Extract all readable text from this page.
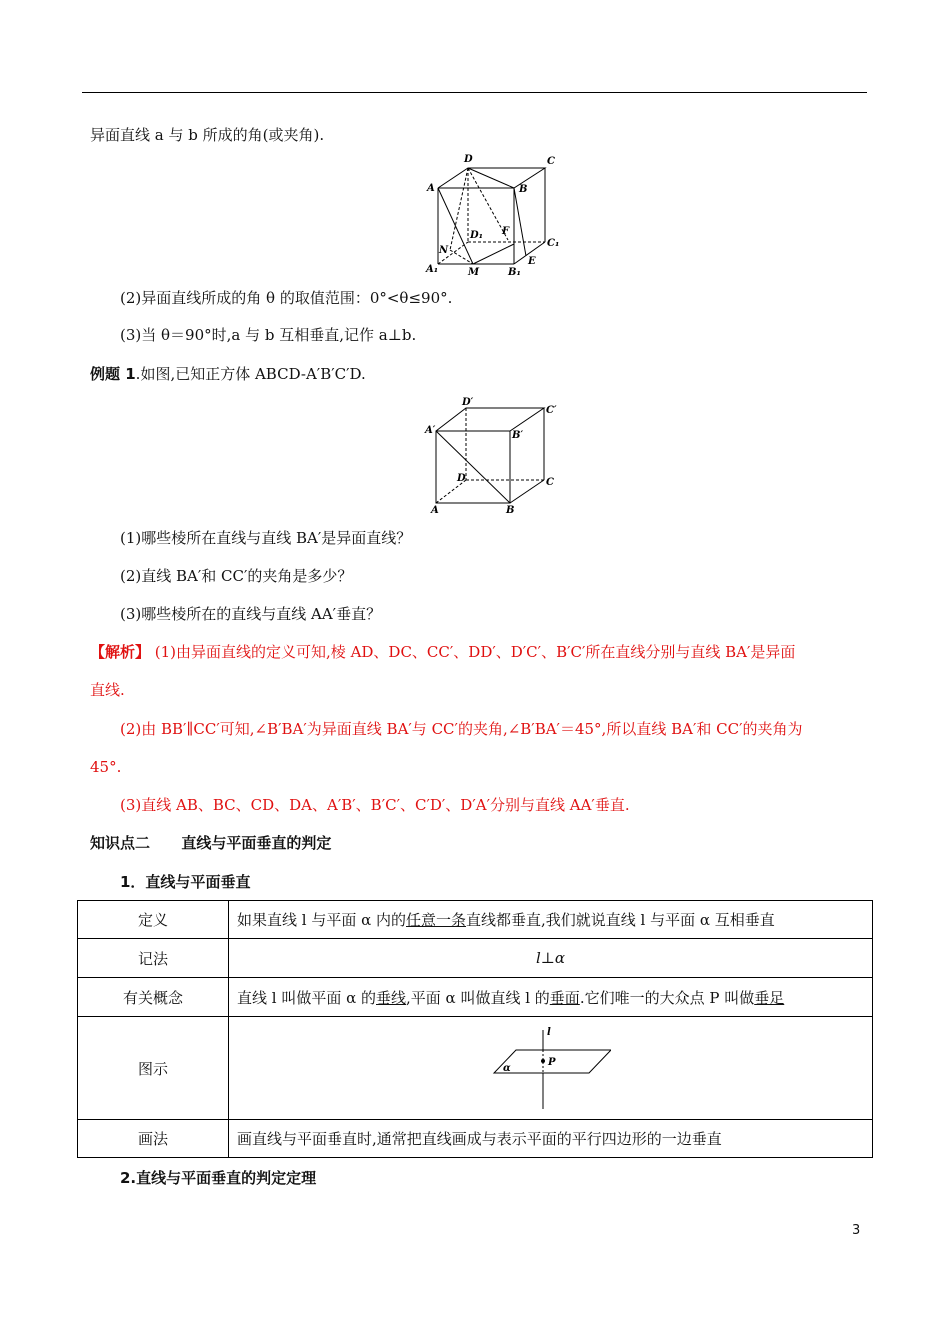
异面直线 a 与 b 所成的角(或夹角).
D	C
A	B
D₁ F
C₁
N
A₁	M	B₁
E
(2)异面直线所成的角 θ 的取值范围：0°<θ≤90°.
(3)当 θ＝90°时,a 与 b 互相垂直,记作 a⊥b.
例题 1.如图,已知正方体 ABCD-A′B′C′D.
D′
C′
A′	B′
D	C
A	B
(1)哪些棱所在直线与直线 BA′是异面直线？
(2)直线 BA′和 CC′的夹角是多少？
(3)哪些棱所在的直线与直线 AA′垂直？
【解析】 (1)由异面直线的定义可知,棱 AD、DC、CC′、DD′、D′C′、B′C′所在直线分别与直线 BA′是异面
直线.
(2)由 BB′∥CC′可知,∠B′BA′为异面直线 BA′与 CC′的夹角,∠B′BA′＝45°,所以直线 BA′和 CC′的夹角为
45°.
(3)直线 AB、BC、CD、DA、A′B′、B′C′、C′D′、D′A′分别与直线 AA′垂直.
知识点二 直线与平面垂直的判定
1．直线与平面垂直
定义	如果直线 l 与平面 α 内的任意一条直线都垂直,我们就说直线 l 与平面 α 互相垂直
记法	l⊥α
有关概念	直线 l 叫做平面 α 的垂线,平面 α 叫做直线 l 的垂面.它们唯一的大众点 P 叫做垂足
图示	l
P
α

画法	画直线与平面垂直时,通常把直线画成与表示平面的平行四边形的一边垂直
2.直线与平面垂直的判定定理
3
